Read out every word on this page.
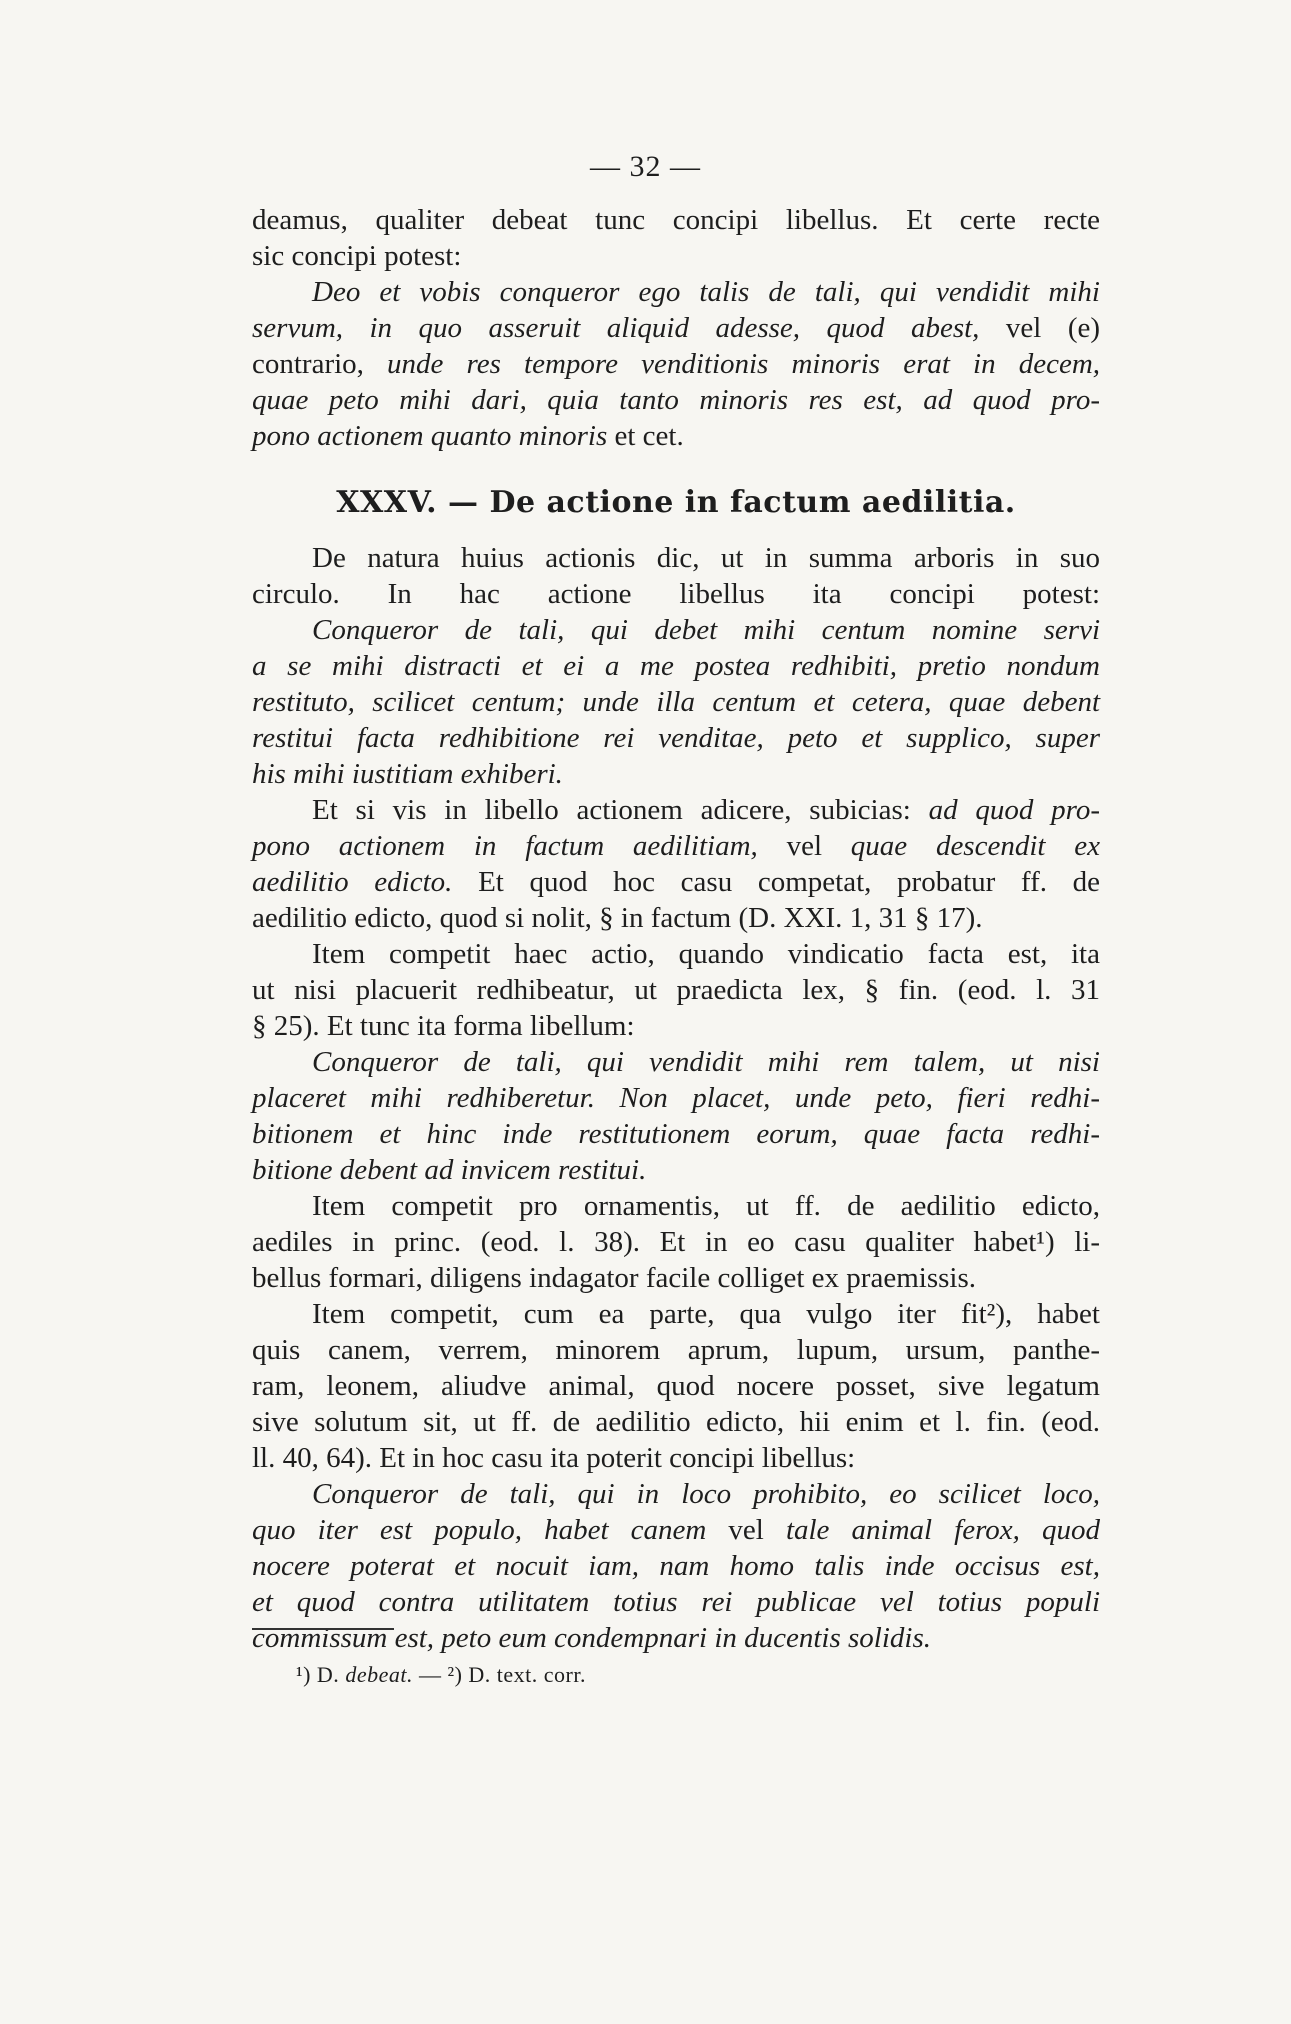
— 32 —
deamus, qualiter debeat tunc concipi libellus. Et certe recte
sic concipi potest:
Deo et vobis conqueror ego talis de tali, qui vendidit mihi
servum, in quo asseruit aliquid adesse, quod abest, vel (e)
contrario, unde res tempore venditionis minoris erat in decem,
quae peto mihi dari, quia tanto minoris res est, ad quod pro-
pono actionem quanto minoris et cet.
XXXV. — De actione in factum aedilitia.
De natura huius actionis dic, ut in summa arboris in suo
circulo. In hac actione libellus ita concipi potest:
Conqueror de tali, qui debet mihi centum nomine servi
a se mihi distracti et ei a me postea redhibiti, pretio nondum
restituto, scilicet centum; unde illa centum et cetera, quae debent
restitui facta redhibitione rei venditae, peto et supplico, super
his mihi iustitiam exhiberi.
Et si vis in libello actionem adicere, subicias: ad quod pro-
pono actionem in factum aedilitiam, vel quae descendit ex
aedilitio edicto. Et quod hoc casu competat, probatur ff. de
aedilitio edicto, quod si nolit, § in factum (D. XXI. 1, 31 § 17).
Item competit haec actio, quando vindicatio facta est, ita
ut nisi placuerit redhibeatur, ut praedicta lex, § fin. (eod. l. 31
§ 25). Et tunc ita forma libellum:
Conqueror de tali, qui vendidit mihi rem talem, ut nisi
placeret mihi redhiberetur. Non placet, unde peto, fieri redhi-
bitionem et hinc inde restitutionem eorum, quae facta redhi-
bitione debent ad invicem restitui.
Item competit pro ornamentis, ut ff. de aedilitio edicto,
aediles in princ. (eod. l. 38). Et in eo casu qualiter habet¹) li-
bellus formari, diligens indagator facile colliget ex praemissis.
Item competit, cum ea parte, qua vulgo iter fit²), habet
quis canem, verrem, minorem aprum, lupum, ursum, panthe-
ram, leonem, aliudve animal, quod nocere posset, sive legatum
sive solutum sit, ut ff. de aedilitio edicto, hii enim et l. fin. (eod.
ll. 40, 64). Et in hoc casu ita poterit concipi libellus:
Conqueror de tali, qui in loco prohibito, eo scilicet loco,
quo iter est populo, habet canem vel tale animal ferox, quod
nocere poterat et nocuit iam, nam homo talis inde occisus est,
et quod contra utilitatem totius rei publicae vel totius populi
commissum est, peto eum condempnari in ducentis solidis.
¹) D. debeat. — ²) D. text. corr.
